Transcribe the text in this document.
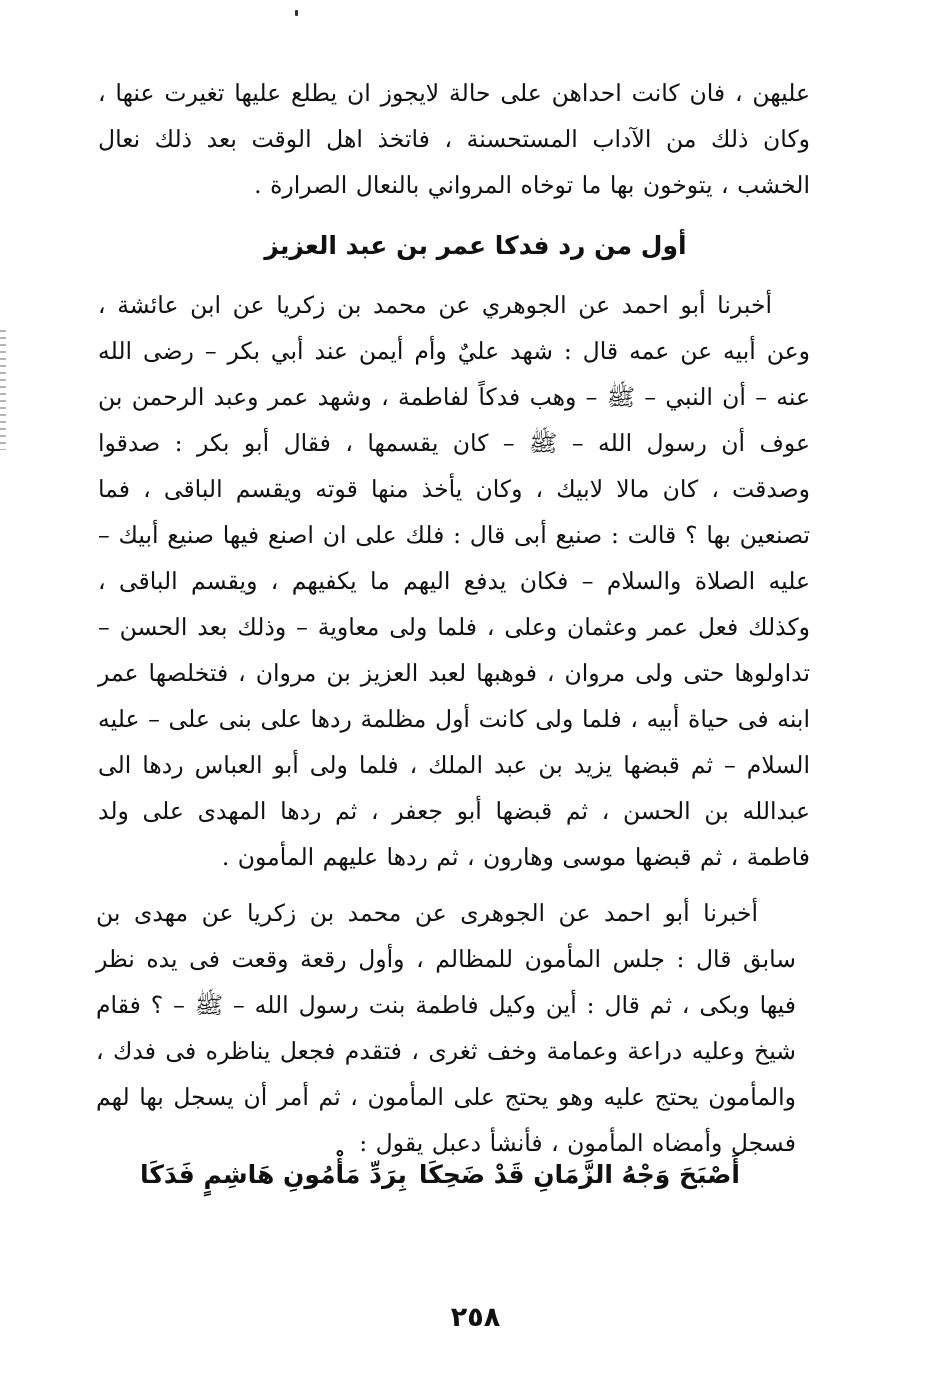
عليهن ، فان كانت احداهن على حالة لايجوز ان يطلع عليها تغيرت عنها ، وكان ذلك من الآداب المستحسنة ، فاتخذ اهل الوقت بعد ذلك نعال الخشب ، يتوخون بها ما توخاه المرواني بالنعال الصرارة .

أول من رد فدكا عمر بن عبد العزيز

أخبرنا أبو احمد عن الجوهري عن محمد بن زكريا عن ابن عائشة ، وعن أبيه عن عمه قال : شهد عليٌ وأم أيمن عند أبي بكر – رضى الله عنه – أن النبي – ﷺ – وهب فدكاً لفاطمة ، وشهد عمر وعبد الرحمن بن عوف أن رسول الله – ﷺ – كان يقسمها ، فقال أبو بكر : صدقوا وصدقت ، كان مالا لابيك ، وكان يأخذ منها قوته ويقسم الباقى ، فما تصنعين بها ؟ قالت : صنيع أبى قال : فلك على ان اصنع فيها صنيع أبيك – عليه الصلاة والسلام – فكان يدفع اليهم ما يكفيهم ، ويقسم الباقى ، وكذلك فعل عمر وعثمان وعلى ، فلما ولى معاوية – وذلك بعد الحسن – تداولوها حتى ولى مروان ، فوهبها لعبد العزيز بن مروان ، فتخلصها عمر ابنه فى حياة أبيه ، فلما ولى كانت أول مظلمة ردها على بنى على – عليه السلام – ثم قبضها يزيد بن عبد الملك ، فلما ولى أبو العباس ردها الى عبدالله بن الحسن ، ثم قبضها أبو جعفر ، ثم ردها المهدى على ولد فاطمة ، ثم قبضها موسى وهارون ، ثم ردها عليهم المأمون .

أخبرنا أبو احمد عن الجوهرى عن محمد بن زكريا عن مهدى بن سابق قال : جلس المأمون للمظالم ، وأول رقعة وقعت فى يده نظر فيها وبكى ، ثم قال : أين وكيل فاطمة بنت رسول الله – ﷺ – ؟ فقام شيخ وعليه دراعة وعمامة وخف ثغرى ، فتقدم فجعل يناظره فى فدك ، والمأمون يحتج عليه وهو يحتج على المأمون ، ثم أمر أن يسجل بها لهم فسجل وأمضاه المأمون ، فأنشأ دعبل يقول :

أَصْبَحَ وَجْهُ الزَّمَانِ قَدْ ضَحِكَا
بِرَدِّ مَأْمُونِ هَاشِمٍ فَدَكَا
٢٥٨
